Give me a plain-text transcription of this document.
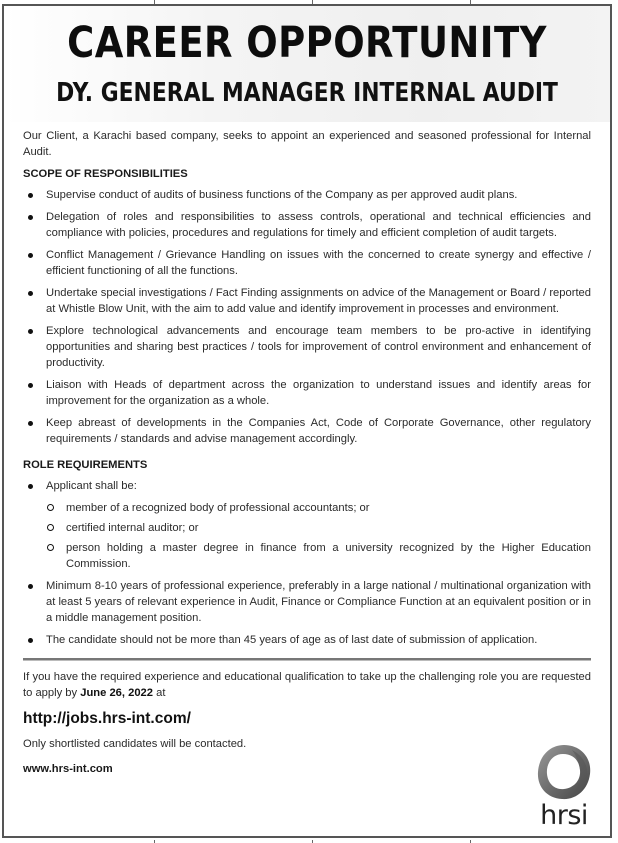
CAREER OPPORTUNITY
DY. GENERAL MANAGER INTERNAL AUDIT
hrsi

Our Client, a Karachi based company, seeks to appoint an experienced and seasoned professional for Internal Audit.

SCOPE OF RESPONSIBILITIES
Supervise conduct of audits of business functions of the Company as per approved audit plans.
Delegation of roles and responsibilities to assess controls, operational and technical efficiencies and compliance with policies, procedures and regulations for timely and efficient completion of audit targets.
Conflict Management / Grievance Handling on issues with the concerned to create synergy and effective / efficient functioning of all the functions.
Undertake special investigations / Fact Finding assignments on advice of the Management or Board / reported at Whistle Blow Unit, with the aim to add value and identify improvement in processes and environment.
Explore technological advancements and encourage team members to be pro-active in identifying opportunities and sharing best practices / tools for improvement of control environment and enhancement of productivity.
Liaison with Heads of department across the organization to understand issues and identify areas for improvement for the organization as a whole.
Keep abreast of developments in the Companies Act, Code of Corporate Governance, other regulatory requirements / standards and advise management accordingly.
ROLE REQUIREMENTS
Applicant shall be:
member of a recognized body of professional accountants; or
certified internal auditor; or
person holding a master degree in finance from a university recognized by the Higher Education Commission.
Minimum 8-10 years of professional experience, preferably in a large national / multinational organization with at least 5 years of relevant experience in Audit, Finance or Compliance Function at an equivalent position or in a middle management position.
The candidate should not be more than 45 years of age as of last date of submission of application.

If you have the required experience and educational qualification to take up the challenging role you are requested to apply by June 26, 2022 at

http://jobs.hrs-int.com/

Only shortlisted candidates will be contacted.

www.hrs-int.com
